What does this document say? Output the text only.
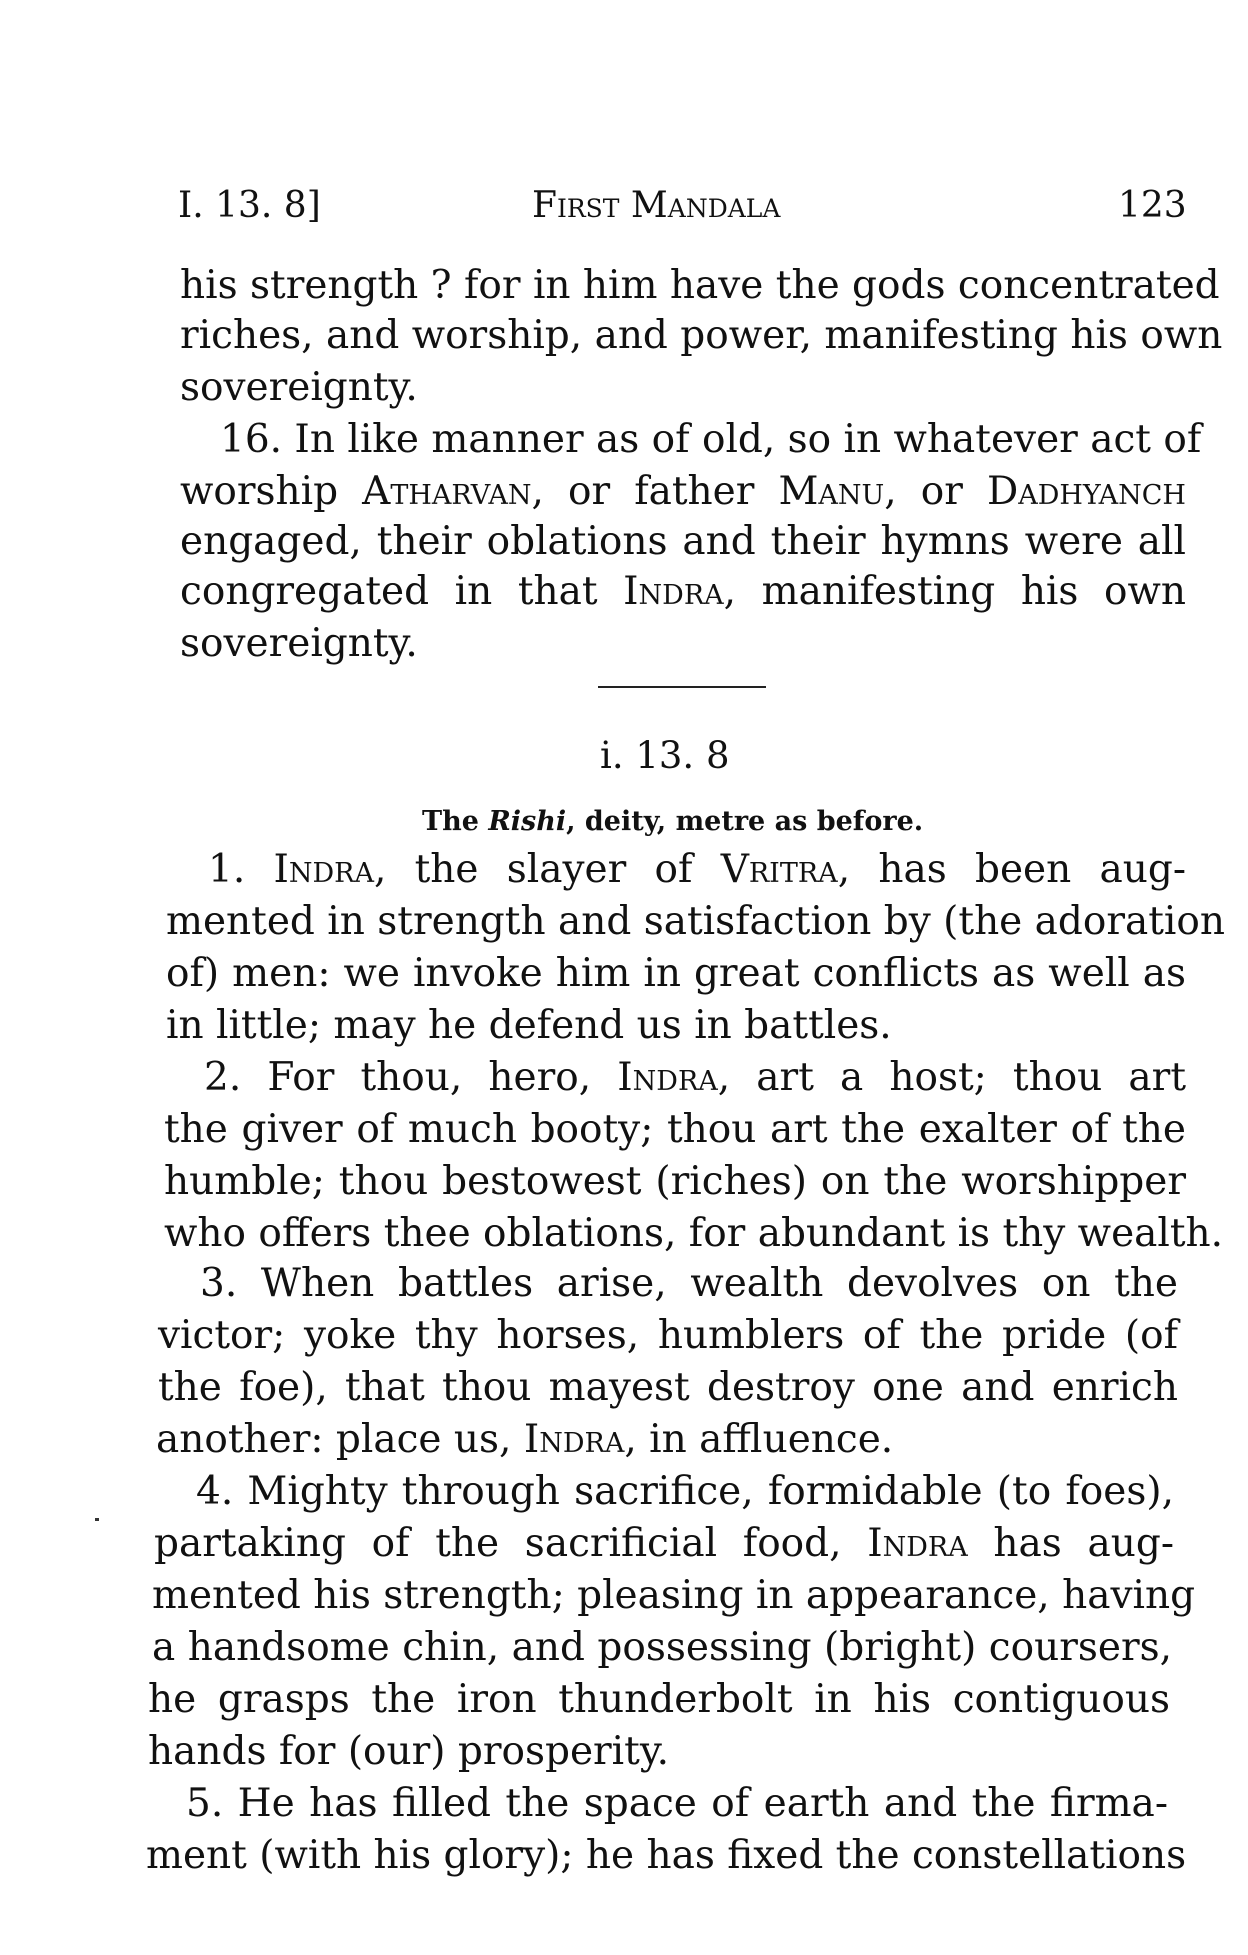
I. 13. 8]	First Mandala	123
his strength ? for in him have the gods concentrated
riches, and worship, and power, manifesting his own
sovereignty.
16. In like manner as of old, so in whatever act of
worship Atharvan, or father Manu, or Dadhyanch
engaged, their oblations and their hymns were all
congregated in that Indra, manifesting his own
sovereignty.
i. 13. 8
The Rishi, deity, metre as before.
1. Indra, the slayer of Vritra, has been aug-
mented in strength and satisfaction by (the adoration
of) men: we invoke him in great conflicts as well as
in little; may he defend us in battles.
2. For thou, hero, Indra, art a host; thou art
the giver of much booty; thou art the exalter of the
humble; thou bestowest (riches) on the worshipper
who offers thee oblations, for abundant is thy wealth.
3. When battles arise, wealth devolves on the
victor; yoke thy horses, humblers of the pride (of
the foe), that thou mayest destroy one and enrich
another: place us, Indra, in affluence.
4. Mighty through sacrifice, formidable (to foes),
partaking of the sacrificial food, Indra has aug-
mented his strength; pleasing in appearance, having
a handsome chin, and possessing (bright) coursers,
he grasps the iron thunderbolt in his contiguous
hands for (our) prosperity.
5. He has filled the space of earth and the firma-
ment (with his glory); he has fixed the constellations
